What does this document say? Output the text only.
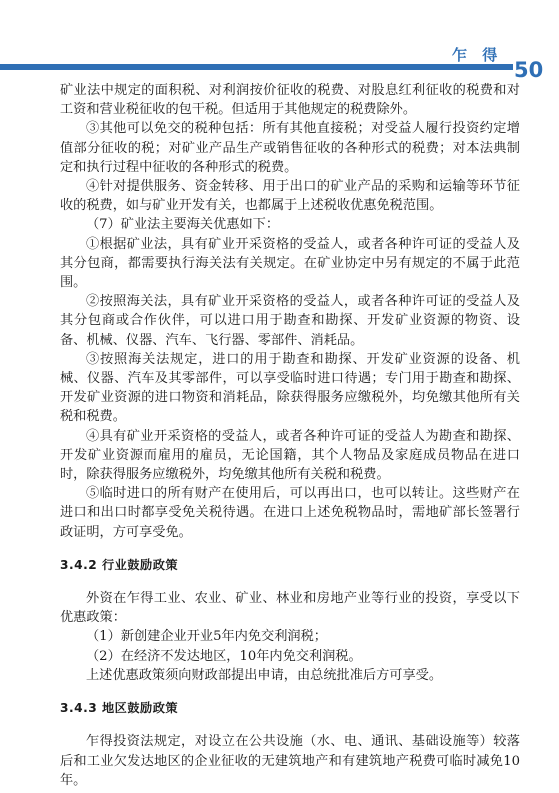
乍 得
50

矿业法中规定的面积税、对利润按价征收的税费、对股息红利征收的税费和对工资和营业税征收的包干税。但适用于其他规定的税费除外。

③其他可以免交的税种包括：所有其他直接税；对受益人履行投资约定增值部分征收的税；对矿业产品生产或销售征收的各种形式的税费；对本法典制定和执行过程中征收的各种形式的税费。

④针对提供服务、资金转移、用于出口的矿业产品的采购和运输等环节征收的税费，如与矿业开发有关，也都属于上述税收优惠免税范围。

（7）矿业法主要海关优惠如下：

①根据矿业法，具有矿业开采资格的受益人，或者各种许可证的受益人及其分包商，都需要执行海关法有关规定。在矿业协定中另有规定的不属于此范围。

②按照海关法，具有矿业开采资格的受益人，或者各种许可证的受益人及其分包商或合作伙伴，可以进口用于勘查和勘探、开发矿业资源的物资、设备、机械、仪器、汽车、飞行器、零部件、消耗品。

③按照海关法规定，进口的用于勘查和勘探、开发矿业资源的设备、机械、仪器、汽车及其零部件，可以享受临时进口待遇；专门用于勘查和勘探、开发矿业资源的进口物资和消耗品，除获得服务应缴税外，均免缴其他所有关税和税费。

④具有矿业开采资格的受益人，或者各种许可证的受益人为勘查和勘探、开发矿业资源而雇用的雇员，无论国籍，其个人物品及家庭成员物品在进口时，除获得服务应缴税外，均免缴其他所有关税和税费。

⑤临时进口的所有财产在使用后，可以再出口，也可以转让。这些财产在进口和出口时都享受免关税待遇。在进口上述免税物品时，需地矿部长签署行政证明，方可享受免。

3.4.2 行业鼓励政策

外资在乍得工业、农业、矿业、林业和房地产业等行业的投资，享受以下优惠政策：

（1）新创建企业开业5年内免交利润税；

（2）在经济不发达地区，10年内免交利润税。

上述优惠政策须向财政部提出申请，由总统批准后方可享受。

3.4.3 地区鼓励政策

乍得投资法规定，对设立在公共设施（水、电、通讯、基础设施等）较落后和工业欠发达地区的企业征收的无建筑地产和有建筑地产税费可临时减免10年。
